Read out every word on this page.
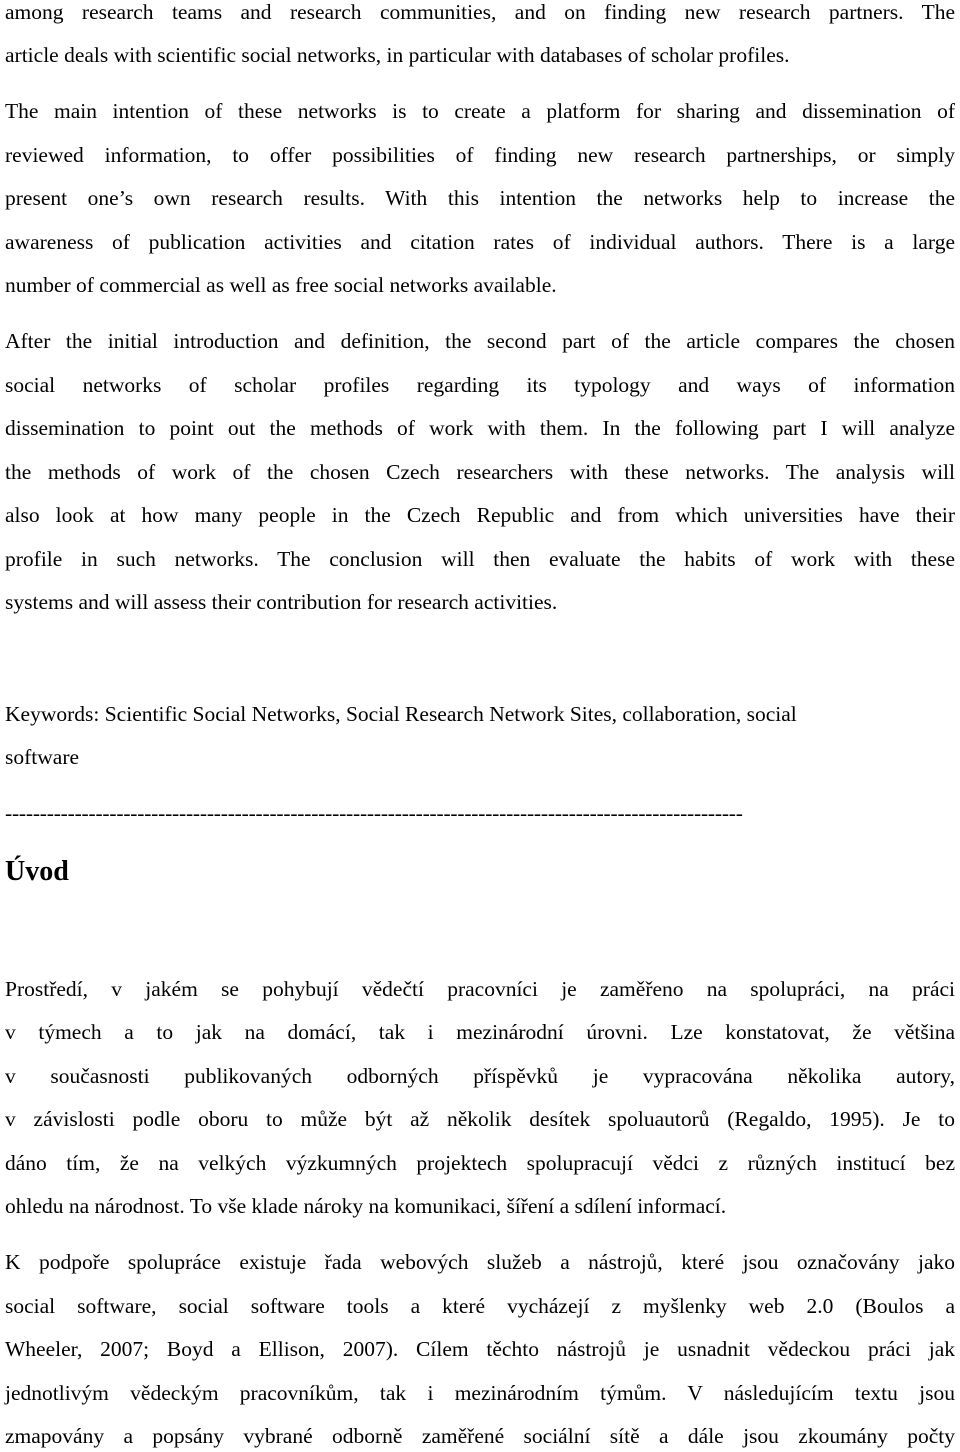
among research teams and research communities, and on finding new research partners. The
article deals with scientific social networks, in particular with databases of scholar profiles.
The main intention of these networks is to create a platform for sharing and dissemination of
reviewed information, to offer possibilities of finding new research partnerships, or simply
present one’s own research results. With this intention the networks help to increase the
awareness of publication activities and citation rates of individual authors. There is a large
number of commercial as well as free social networks available.
After the initial introduction and definition, the second part of the article compares the chosen
social networks of scholar profiles regarding its typology and ways of information
dissemination to point out the methods of work with them. In the following part I will analyze
the methods of work of the chosen Czech researchers with these networks. The analysis will
also look at how many people in the Czech Republic and from which universities have their
profile in such networks. The conclusion will then evaluate the habits of work with these
systems and will assess their contribution for research activities.
Keywords: Scientific Social Networks, Social Research Network Sites, collaboration, social
software
----------------------------------------------------------------------------------------------------------
Úvod
Prostředí, v jakém se pohybují vědečtí pracovníci je zaměřeno na spolupráci, na práci
v týmech a to jak na domácí, tak i mezinárodní úrovni. Lze konstatovat, že většina
v současnosti publikovaných odborných příspěvků je vypracována několika autory,
v závislosti podle oboru to může být až několik desítek spoluautorů (Regaldo, 1995). Je to
dáno tím, že na velkých výzkumných projektech spolupracují vědci z různých institucí bez
ohledu na národnost. To vše klade nároky na komunikaci, šíření a sdílení informací.
K podpoře spolupráce existuje řada webových služeb a nástrojů, které jsou označovány jako
social software, social software tools a které vycházejí z myšlenky web 2.0 (Boulos a
Wheeler, 2007; Boyd a Ellison, 2007). Cílem těchto nástrojů je usnadnit vědeckou práci jak
jednotlivým vědeckým pracovníkům, tak i mezinárodním týmům. V následujícím textu jsou
zmapovány a popsány vybrané odborně zaměřené sociální sítě a dále jsou zkoumány počty
